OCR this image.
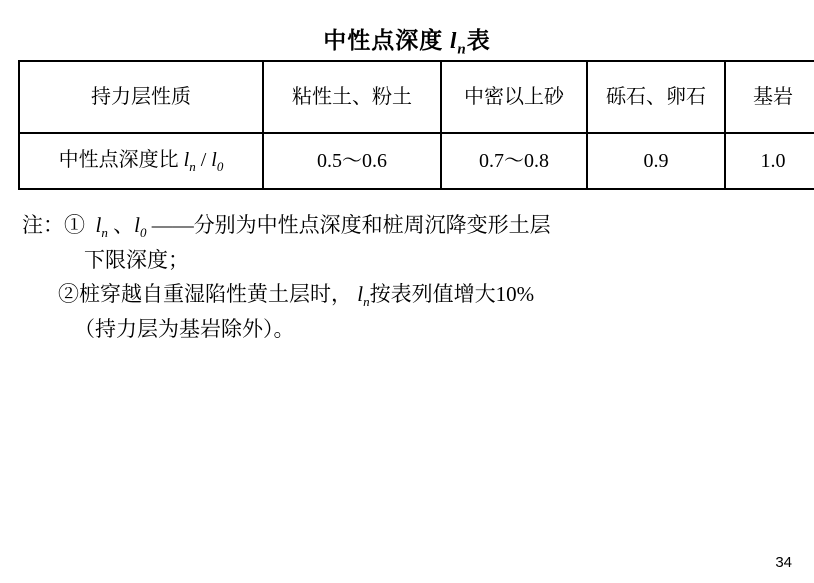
中性点深度 $l_n$表
持力层性质	粘性土、粉土	中密以上砂	砾石、卵石	基岩
中性点深度比 $l_n / l_0$	0.5～0.6	0.7～0.8	0.9	1.0
注：①  $l_n$ 、$l_0$ ——分别为中性点深度和桩周沉降变形土层
下限深度；
②桩穿越自重湿陷性黄土层时， $l_n$按表列值增大10%
（持力层为基岩除外）。
34
